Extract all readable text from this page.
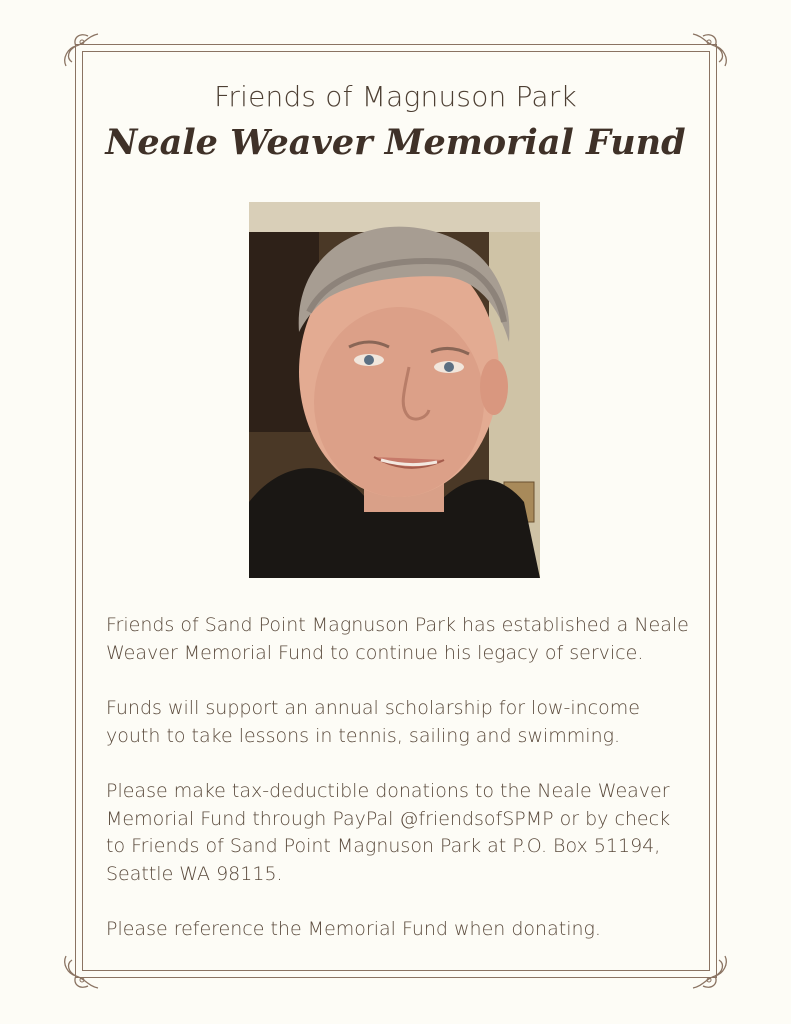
Friends of Magnuson Park
Neale Weaver Memorial Fund

Friends of Sand Point Magnuson Park has established a Neale
Weaver Memorial Fund to continue his legacy of service.

Funds will support an annual scholarship for low-income
youth to take lessons in tennis, sailing and swimming.

Please make tax-deductible donations to the Neale Weaver
Memorial Fund through PayPal @friendsofSPMP or by check
to Friends of Sand Point Magnuson Park at P.O. Box 51194,
Seattle WA 98115.

Please reference the Memorial Fund when donating.
